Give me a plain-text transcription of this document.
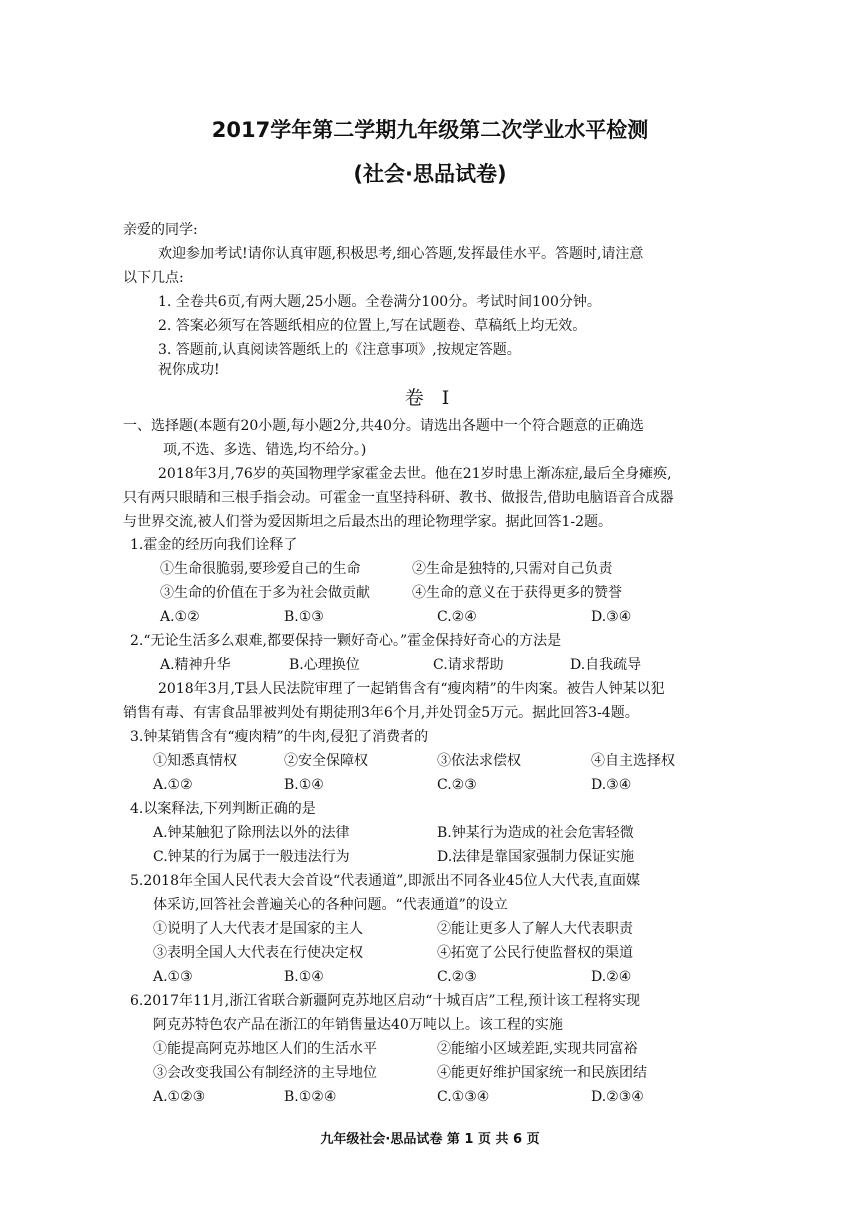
2017学年第二学期九年级第二次学业水平检测
(社会·思品试卷)
亲爱的同学:
欢迎参加考试!请你认真审题,积极思考,细心答题,发挥最佳水平。答题时,请注意
以下几点:
1. 全卷共6页,有两大题,25小题。全卷满分100分。考试时间100分钟。
2. 答案必须写在答题纸相应的位置上,写在试题卷、草稿纸上均无效。
3. 答题前,认真阅读答题纸上的《注意事项》,按规定答题。
祝你成功!
卷 I
一、选择题(本题有20小题,每小题2分,共40分。请选出各题中一个符合题意的正确选
项,不选、多选、错选,均不给分。)
2018年3月,76岁的英国物理学家霍金去世。他在21岁时患上渐冻症,最后全身瘫痪,
只有两只眼睛和三根手指会动。可霍金一直坚持科研、教书、做报告,借助电脑语音合成器
与世界交流,被人们誉为爱因斯坦之后最杰出的理论物理学家。据此回答1-2题。
1.霍金的经历向我们诠释了
①生命很脆弱,要珍爱自己的生命	②生命是独特的,只需对自己负责
③生命的价值在于多为社会做贡献	④生命的意义在于获得更多的赞誉
A.①②	B.①③	C.②④	D.③④
2.“无论生活多么艰难,都要保持一颗好奇心。”霍金保持好奇心的方法是
A.精神升华	B.心理换位	C.请求帮助	D.自我疏导
2018年3月,T县人民法院审理了一起销售含有“瘦肉精”的牛肉案。被告人钟某以犯
销售有毒、有害食品罪被判处有期徒刑3年6个月,并处罚金5万元。据此回答3-4题。
3.钟某销售含有“瘦肉精”的牛肉,侵犯了消费者的
①知悉真情权	②安全保障权	③依法求偿权	④自主选择权
A.①②	B.①④	C.②③	D.③④
4.以案释法,下列判断正确的是
A.钟某触犯了除刑法以外的法律	B.钟某行为造成的社会危害轻微
C.钟某的行为属于一般违法行为	D.法律是靠国家强制力保证实施
5.2018年全国人民代表大会首设“代表通道”,即派出不同各业45位人大代表,直面媒
体采访,回答社会普遍关心的各种问题。“代表通道”的设立
①说明了人大代表才是国家的主人	②能让更多人了解人大代表职责
③表明全国人大代表在行使决定权	④拓宽了公民行使监督权的渠道
A.①③	B.①④	C.②③	D.②④
6.2017年11月,浙江省联合新疆阿克苏地区启动“十城百店”工程,预计该工程将实现
阿克苏特色农产品在浙江的年销售量达40万吨以上。该工程的实施
①能提高阿克苏地区人们的生活水平	②能缩小区域差距,实现共同富裕
③会改变我国公有制经济的主导地位	④能更好维护国家统一和民族团结
A.①②③	B.①②④	C.①③④	D.②③④
九年级社会·思品试卷 第 1 页 共 6 页
